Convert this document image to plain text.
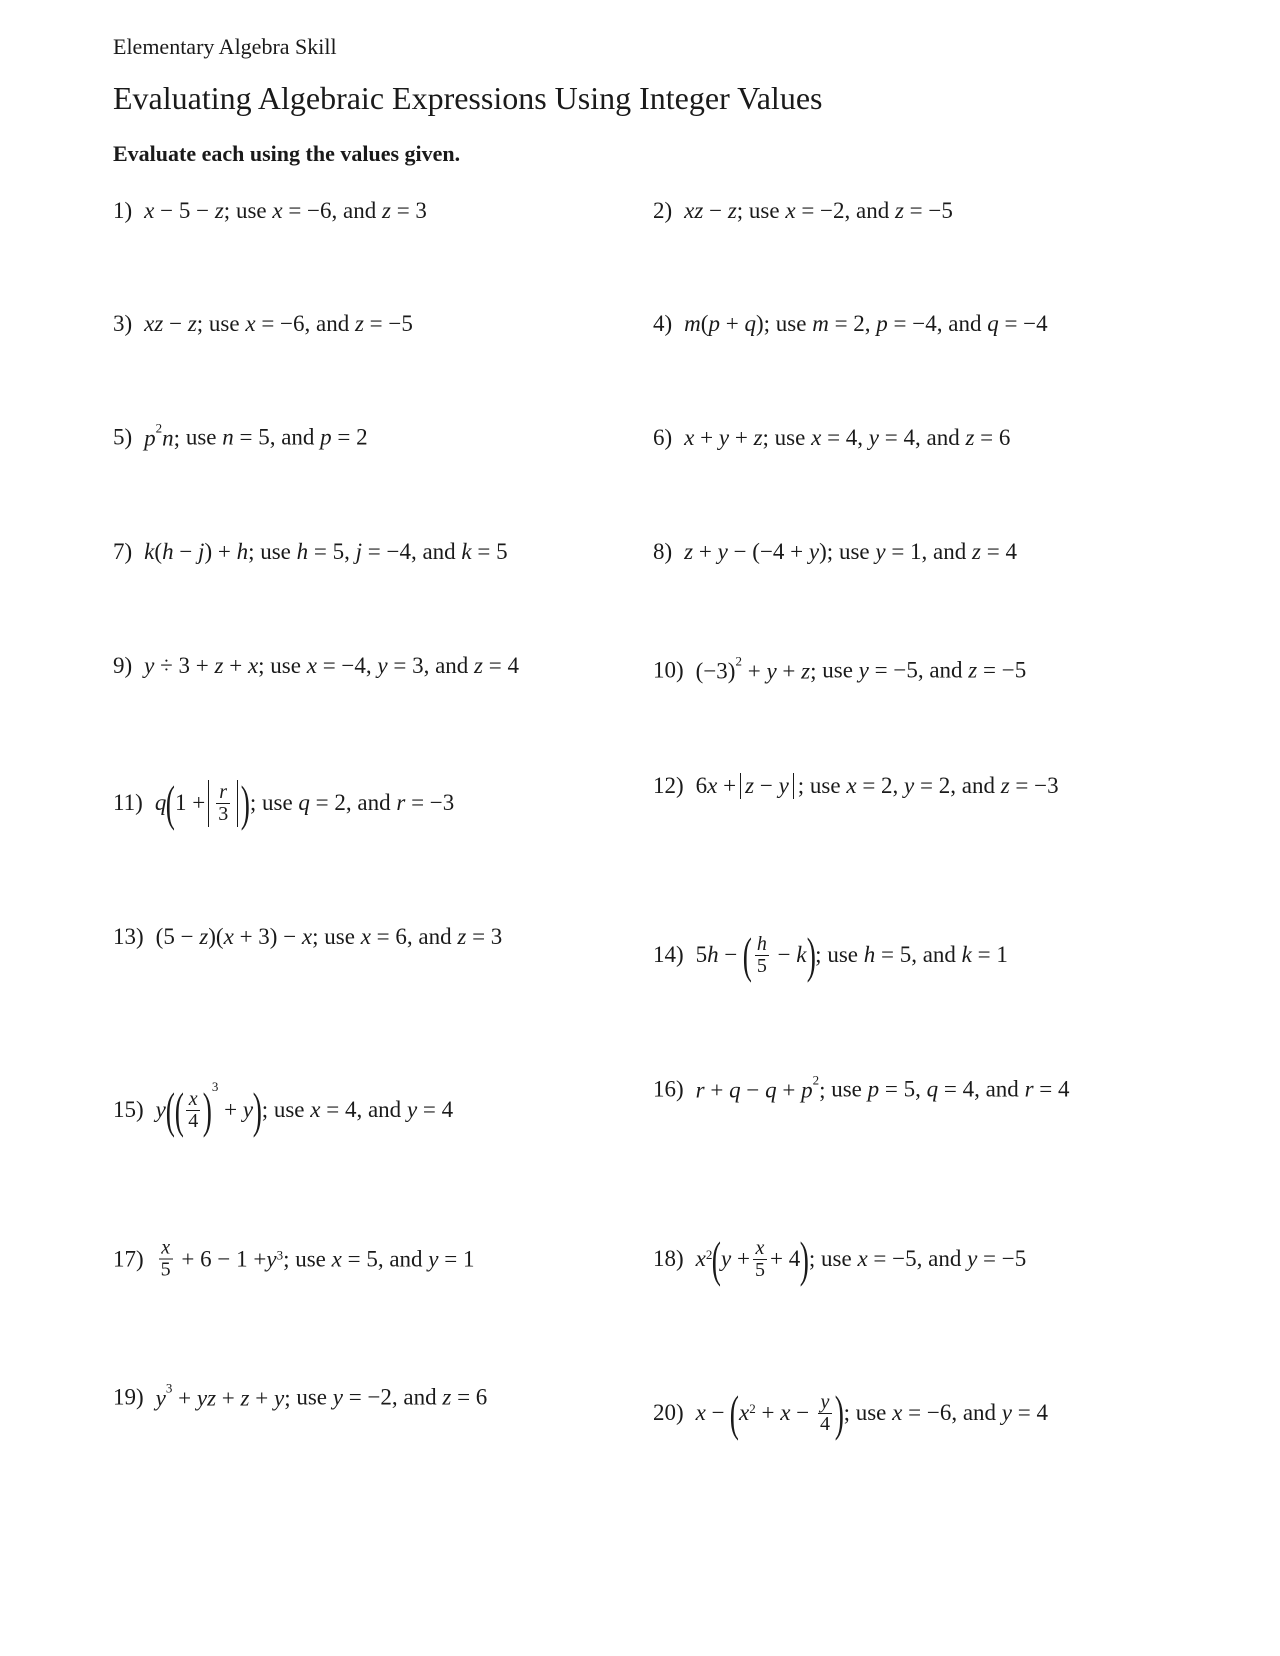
Elementary Algebra Skill
Evaluating Algebraic Expressions Using Integer Values
Evaluate each using the values given.
1) x − 5 − z; use x = −6, and z = 3	2) xz − z; use x = −2, and z = −5
3) xz − z; use x = −6, and z = −5	4) m(p + q); use m = 2, p = −4, and q = −4
5) $p^2n$; use n = 5, and p = 2	6) x + y + z; use x = 4, y = 4, and z = 6
7) k(h − j) + h; use h = 5, j = −4, and k = 5	8) z + y − (−4 + y); use y = 1, and z = 4
9) y ÷ 3 + z + x; use x = −4, y = 3, and z = 4	10) $(-3)^2 + y + z$; use y = −5, and z = −5
11) q ( $1 + \frac{r}{3}$ ) ; use q = 2, and r = −3
12) 6 x + z − y ; use x = 2, y = 2, and z = −3
13) (5 − z)(x + 3) − x; use x = 6, and z = 3
14) 5 h − ( $\frac{h}{5} - k$ ) ; use h = 5, and k = 1
15) y ( ( $\frac{x}{4}$ ) 3
+ y ) ; use x = 4, and y = 4
16) $r + q - q + p^2$; use p = 5, q = 4, and r = 4
$17) \frac{x}{5} + 6 - 1 + y^3$ ; use x = 5, and y = 1	18) $x^2$ ( $y + \frac{x}{5} + 4$ ) ; use x = −5, and y = −5
19) $y^3$ + yz + z + y; use y = −2, and z = 6
20) x − ( $x^2 + x - \frac{y}{4}$ ) ; use x = −6, and y = 4
